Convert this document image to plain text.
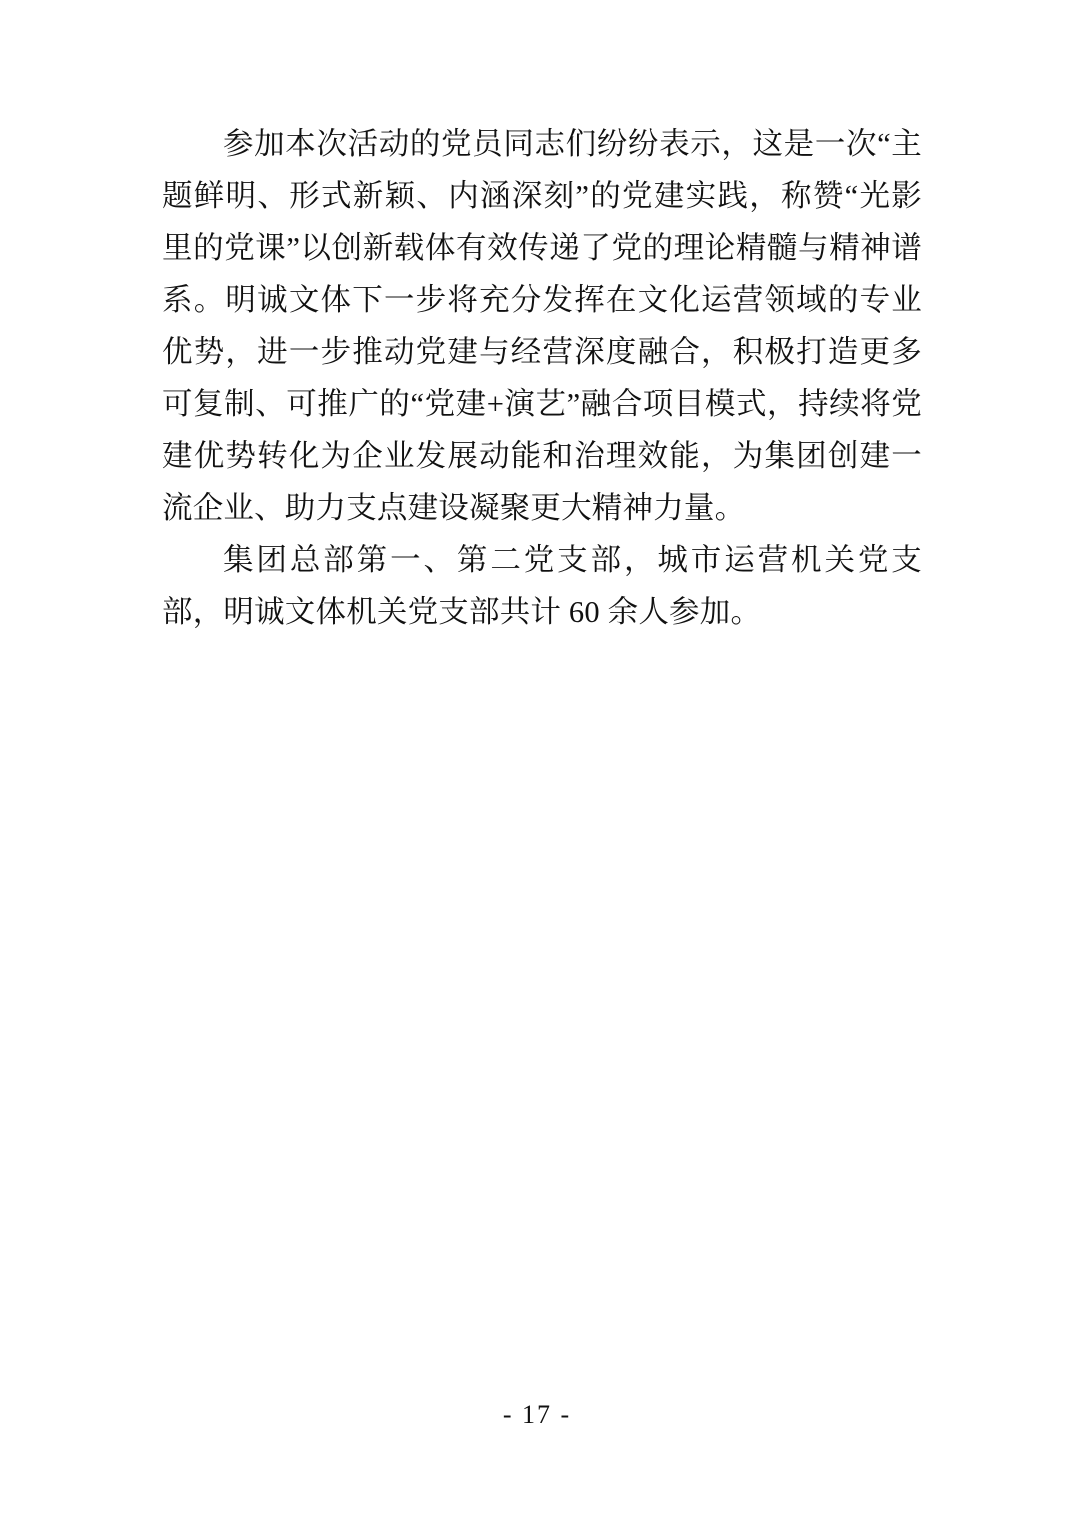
参加本次活动的党员同志们纷纷表示，这是一次“主题鲜明、形式新颖、内涵深刻”的党建实践，称赞“光影里的党课”以创新载体有效传递了党的理论精髓与精神谱系。明诚文体下一步将充分发挥在文化运营领域的专业优势，进一步推动党建与经营深度融合，积极打造更多可复制、可推广的“党建+演艺”融合项目模式，持续将党建优势转化为企业发展动能和治理效能，为集团创建一流企业、助力支点建设凝聚更大精神力量。

集团总部第一、第二党支部，城市运营机关党支部，明诚文体机关党支部共计 60 余人参加。

- 17 -
